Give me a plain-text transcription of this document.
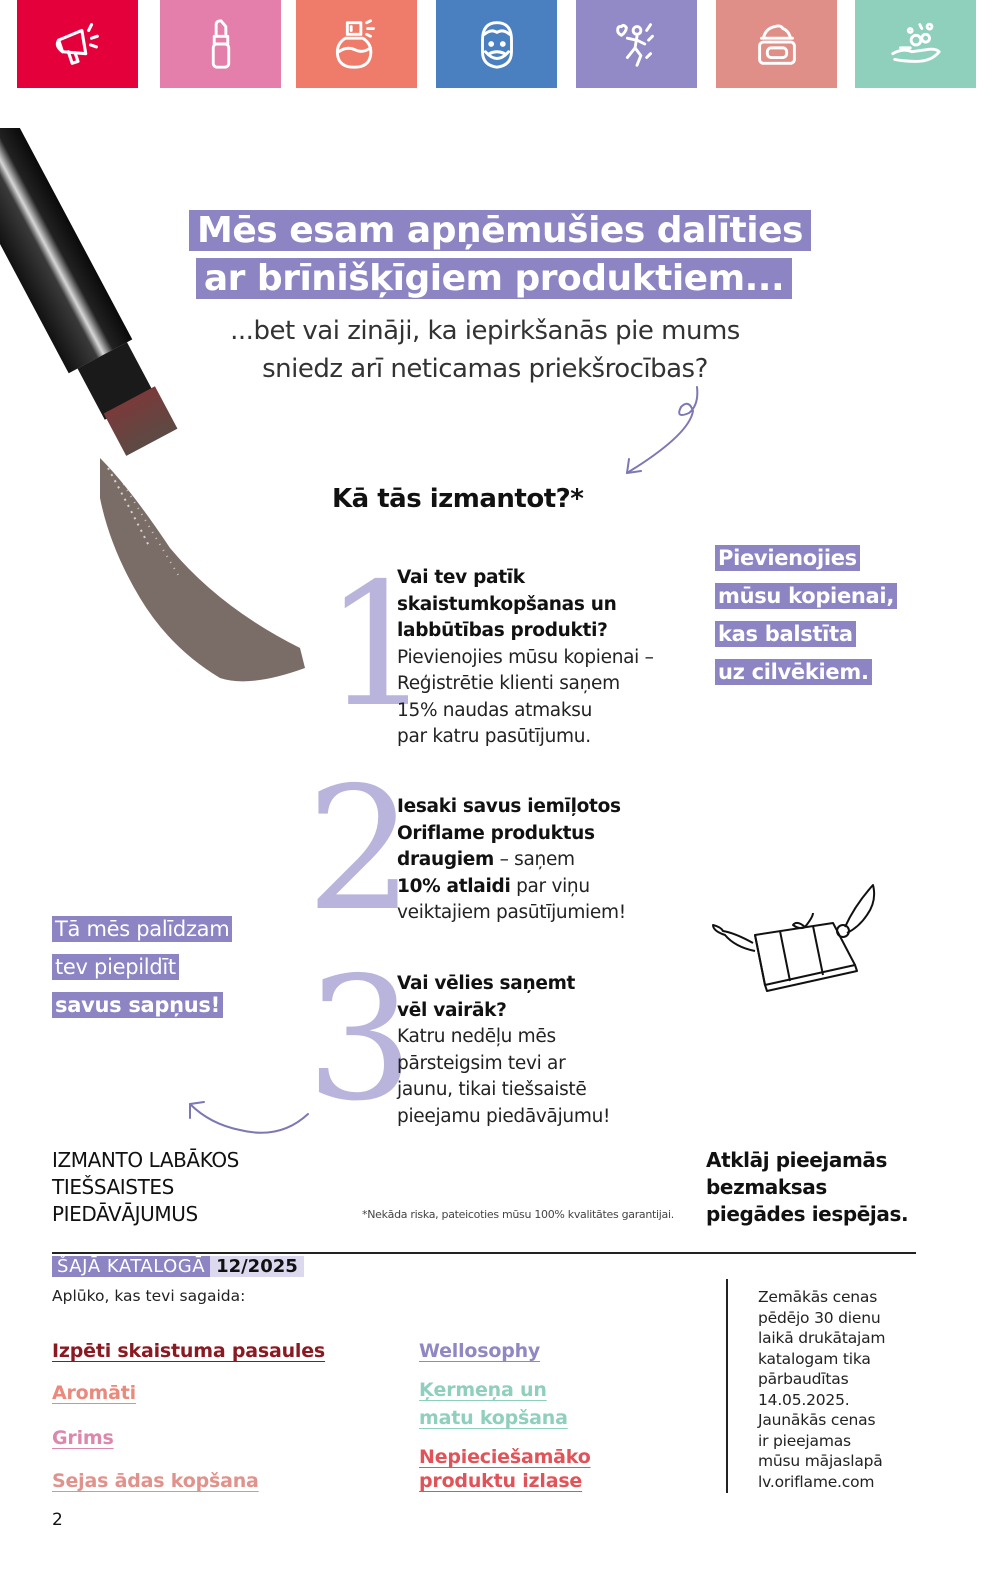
Mēs esam apņēmušies dalīties
ar brīnišķīgiem produktiem...
...bet vai zināji, ka iepirkšanās pie mums
sniedz arī neticamas priekšrocības?
Kā tās izmantot?*
1
Vai tev patīk
skaistumkopšanas un
labbūtības produkti?
Pievienojies mūsu kopienai –
Reģistrētie klienti saņem
15% naudas atmaksu
par katru pasūtījumu.
2
Iesaki savus iemīļotos
Oriflame produktus
draugiem – saņem
10% atlaidi par viņu
veiktajiem pasūtījumiem!
3
Vai vēlies saņemt
vēl vairāk?
Katru nedēļu mēs
pārsteigsim tevi ar
jaunu, tikai tiešsaistē
pieejamu piedāvājumu!
Pievienojies
mūsu kopienai,
kas balstīta
uz cilvēkiem.
Tā mēs palīdzam
tev piepildīt
savus sapņus!
IZMANTO LABĀKOS
TIEŠSAISTES
PIEDĀVĀJUMUS
Atklāj pieejamās
bezmaksas
piegādes iespējas.
*Nekāda riska, pateicoties mūsu 100% kvalitātes garantijai.
ŠAJĀ KATALOGĀ 12/2025
Aplūko, kas tevi sagaida:
Izpēti skaistuma pasaules
Aromāti
Grims
Sejas ādas kopšana
Wellosophy
Ķermeņa un
matu kopšana
Nepieciešamāko
produktu izlase
Zemākās cenas
pēdējo 30 dienu
laikā drukātajam
katalogam tika
pārbaudītas
14.05.2025.
Jaunākās cenas
ir pieejamas
mūsu mājaslapā
lv.oriflame.com
2
